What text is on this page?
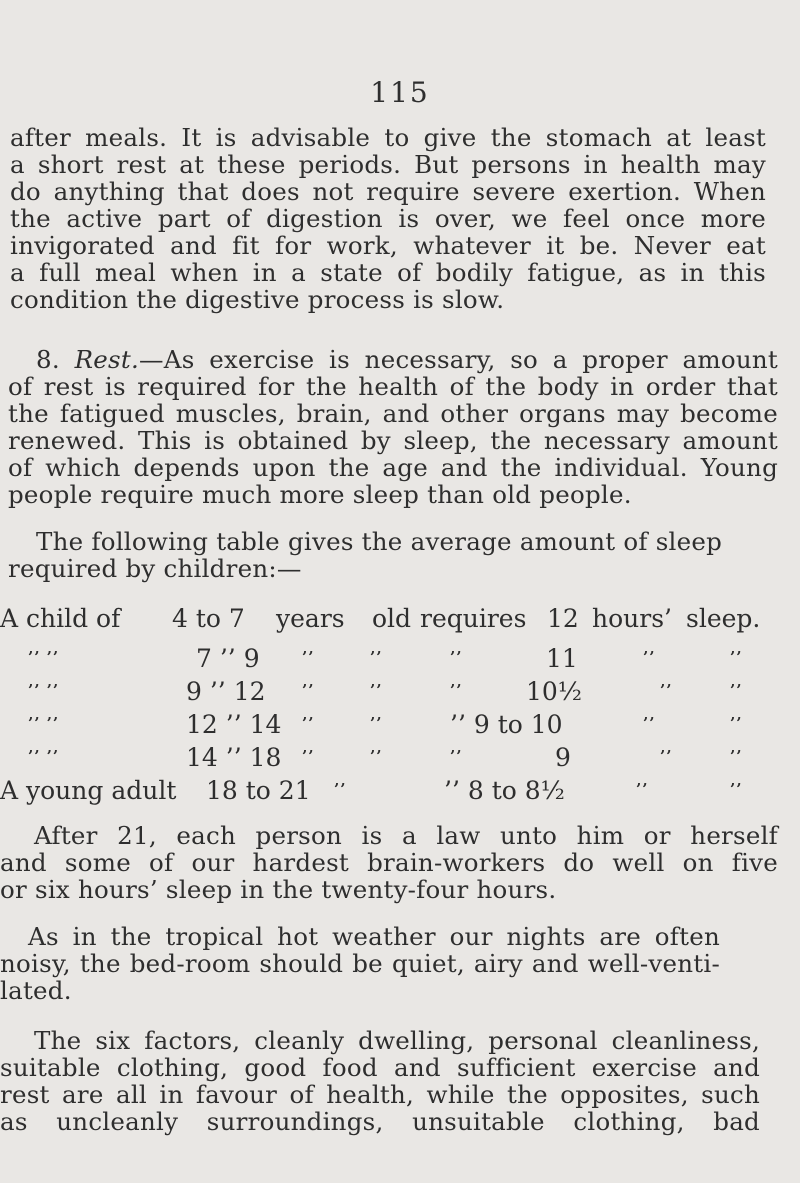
115

after meals. It is advisable to give the stomach at least
a short rest at these periods. But persons in health may
do anything that does not require severe exertion. When
the active part of digestion is over, we feel once more
invigorated and fit for work, whatever it be. Never eat
a full meal when in a state of bodily fatigue, as in this
condition the digestive process is slow.

8. Rest.—As exercise is necessary, so a proper amount
of rest is required for the health of the body in order that
the fatigued muscles, brain, and other organs may become
renewed. This is obtained by sleep, the necessary amount
of which depends upon the age and the individual. Young
people require much more sleep than old people.

The following table gives the average amount of sleep
required by children:—

A child of 4 to 7 years old requires 12 hours’ sleep.
’’ ’’	7 ’’ 9	’’	’’	’’	11	’’	’’
’’ ’’	9 ’’ 12 ’’	’’	’’	10½	’’	’’
’’ ’’	12 ’’ 14 ’’	’’	’’ 9 to 10	’’	’’
’’ ’’	14 ’’ 18 ’’	’’	’’	9	’’	’’
A young adult 18 to 21 ’’	’’ 8 to 8½	’’	’’

After 21, each person is a law unto him or herself
and some of our hardest brain-workers do well on five
or six hours’ sleep in the twenty-four hours.

As in the tropical hot weather our nights are often
noisy, the bed-room should be quiet, airy and well-venti-
lated.

The six factors, cleanly dwelling, personal cleanliness,
suitable clothing, good food and sufficient exercise and
rest are all in favour of health, while the opposites, such
as uncleanly surroundings, unsuitable clothing, bad
